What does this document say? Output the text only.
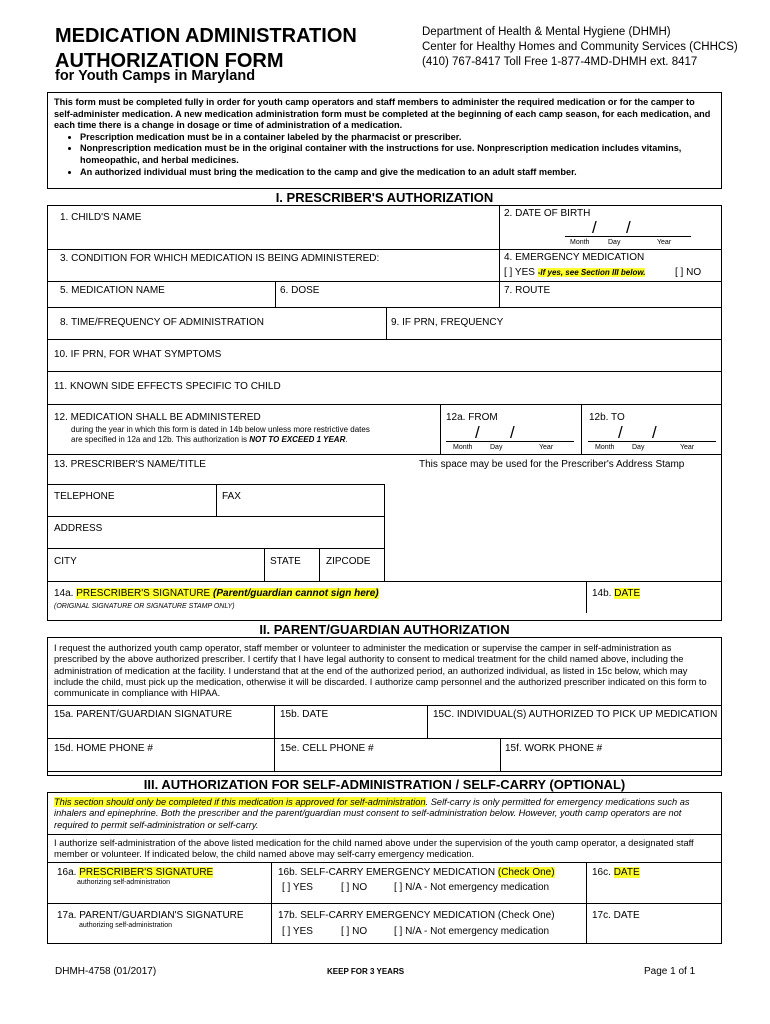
MEDICATION ADMINISTRATION
AUTHORIZATION FORM
for Youth Camps in Maryland
Department of Health & Mental Hygiene (DHMH)
Center for Healthy Homes and Community Services (CHHCS)
(410) 767-8417 Toll Free 1-877-4MD-DHMH ext. 8417
This form must be completed fully in order for youth camp operators and staff members to administer the required medication or for the camper to self-administer medication. A new medication administration form must be completed at the beginning of each camp season, for each medication, and each time there is a change in dosage or time of administration of a medication.
• Prescription medication must be in a container labeled by the pharmacist or prescriber.
• Nonprescription medication must be in the original container with the instructions for use. Nonprescription medication includes vitamins, homeopathic, and herbal medicines.
• An authorized individual must bring the medication to the camp and give the medication to an adult staff member.
I. PRESCRIBER'S AUTHORIZATION
1. CHILD'S NAME	2. DATE OF BIRTH
/ /
Month	Day	Year
3. CONDITION FOR WHICH MEDICATION IS BEING ADMINISTERED:	4. EMERGENCY MEDICATION
[ ] YES -If yes, see Section III below.	[ ] NO
5. MEDICATION NAME	6. DOSE	7. ROUTE
8. TIME/FREQUENCY OF ADMINISTRATION	9. IF PRN, FREQUENCY
10. IF PRN, FOR WHAT SYMPTOMS
11. KNOWN SIDE EFFECTS SPECIFIC TO CHILD
12. MEDICATION SHALL BE ADMINISTERED
during the year in which this form is dated in 14b below unless more restrictive dates
are specified in 12a and 12b. This authorization is NOT TO EXCEED 1 YEAR.
12a. FROM
/ /
Month	Day	Year
12b. TO
/ /
Month	Day	Year
13. PRESCRIBER'S NAME/TITLE	This space may be used for the Prescriber's Address Stamp
TELEPHONE	FAX
ADDRESS
CITY	STATE	ZIPCODE
14a. PRESCRIBER'S SIGNATURE (Parent/guardian cannot sign here)
(ORIGINAL SIGNATURE OR SIGNATURE STAMP ONLY)
14b. DATE
II. PARENT/GUARDIAN AUTHORIZATION
I request the authorized youth camp operator, staff member or volunteer to administer the medication or supervise the camper in self-administration as prescribed by the above authorized prescriber. I certify that I have legal authority to consent to medical treatment for the child named above, including the administration of medication at the facility. I understand that at the end of the authorized period, an authorized individual, as listed in 15c below, which may include the child, must pick up the medication, otherwise it will be discarded. I authorize camp personnel and the authorized prescriber indicated on this form to communicate in compliance with HIPAA.
15a. PARENT/GUARDIAN SIGNATURE	15b. DATE	15C. INDIVIDUAL(S) AUTHORIZED TO PICK UP MEDICATION
15d. HOME PHONE #	15e. CELL PHONE #	15f. WORK PHONE #
III. AUTHORIZATION FOR SELF-ADMINISTRATION / SELF-CARRY (OPTIONAL)
This section should only be completed if this medication is approved for self-administration. Self-carry is only permitted for emergency medications such as inhalers and epinephrine. Both the prescriber and the parent/guardian must consent to self-administration below. However, youth camp operators are not required to permit self-administration or self-carry.
I authorize self-administration of the above listed medication for the child named above under the supervision of the youth camp operator, a designated staff member or volunteer. If indicated below, the child named above may self-carry emergency medication.
16a. PRESCRIBER'S SIGNATURE
authorizing self-administration
16b. SELF-CARRY EMERGENCY MEDICATION (Check One)	16c. DATE
[ ] YES	[ ] NO	[ ] N/A - Not emergency medication
17a. PARENT/GUARDIAN'S SIGNATURE
authorizing self-administration
17b. SELF-CARRY EMERGENCY MEDICATION (Check One)	17c. DATE
[ ] YES	[ ] NO	[ ] N/A - Not emergency medication
DHMH-4758 (01/2017)	KEEP FOR 3 YEARS	Page 1 of 1
